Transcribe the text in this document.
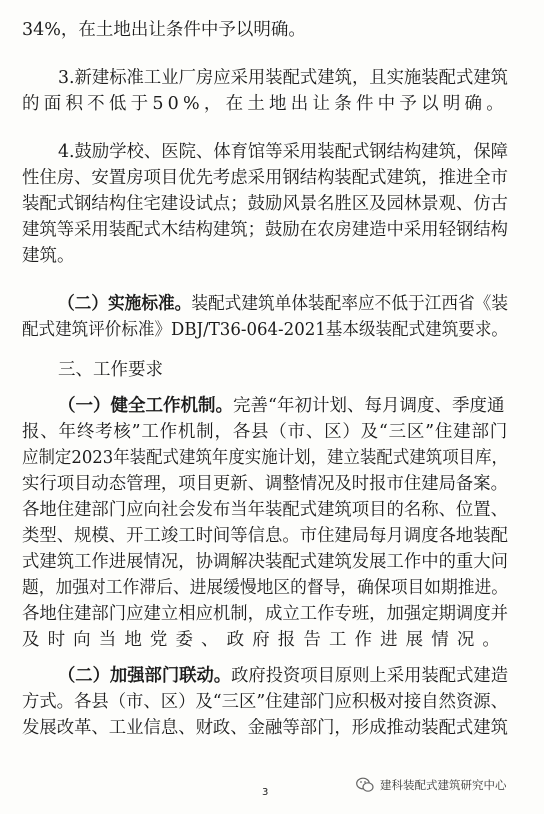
34%，在土地出让条件中予以明确。
3.新建标准工业厂房应采用装配式建筑，且实施装配式建筑
的面积不低于50%，在土地出让条件中予以明确。
4.鼓励学校、医院、体育馆等采用装配式钢结构建筑，保障
性住房、安置房项目优先考虑采用钢结构装配式建筑，推进全市
装配式钢结构住宅建设试点；鼓励风景名胜区及园林景观、仿古
建筑等采用装配式木结构建筑；鼓励在农房建造中采用轻钢结构
建筑。
（二）实施标准。装配式建筑单体装配率应不低于江西省《装
配式建筑评价标准》DBJ/T36-064-2021基本级装配式建筑要求。
三、工作要求
（一）健全工作机制。完善“年初计划、每月调度、季度通
报、年终考核”工作机制，各县（市、区）及“三区”住建部门
应制定2023年装配式建筑年度实施计划，建立装配式建筑项目库，
实行项目动态管理，项目更新、调整情况及时报市住建局备案。
各地住建部门应向社会发布当年装配式建筑项目的名称、位置、
类型、规模、开工竣工时间等信息。市住建局每月调度各地装配
式建筑工作进展情况，协调解决装配式建筑发展工作中的重大问
题，加强对工作滞后、进展缓慢地区的督导，确保项目如期推进。
各地住建部门应建立相应机制，成立工作专班，加强定期调度并
及时向当地党委、政府报告工作进展情况。
（二）加强部门联动。政府投资项目原则上采用装配式建造
方式。各县（市、区）及“三区”住建部门应积极对接自然资源、
发展改革、工业信息、财政、金融等部门，形成推动装配式建筑
3
建科装配式建筑研究中心
